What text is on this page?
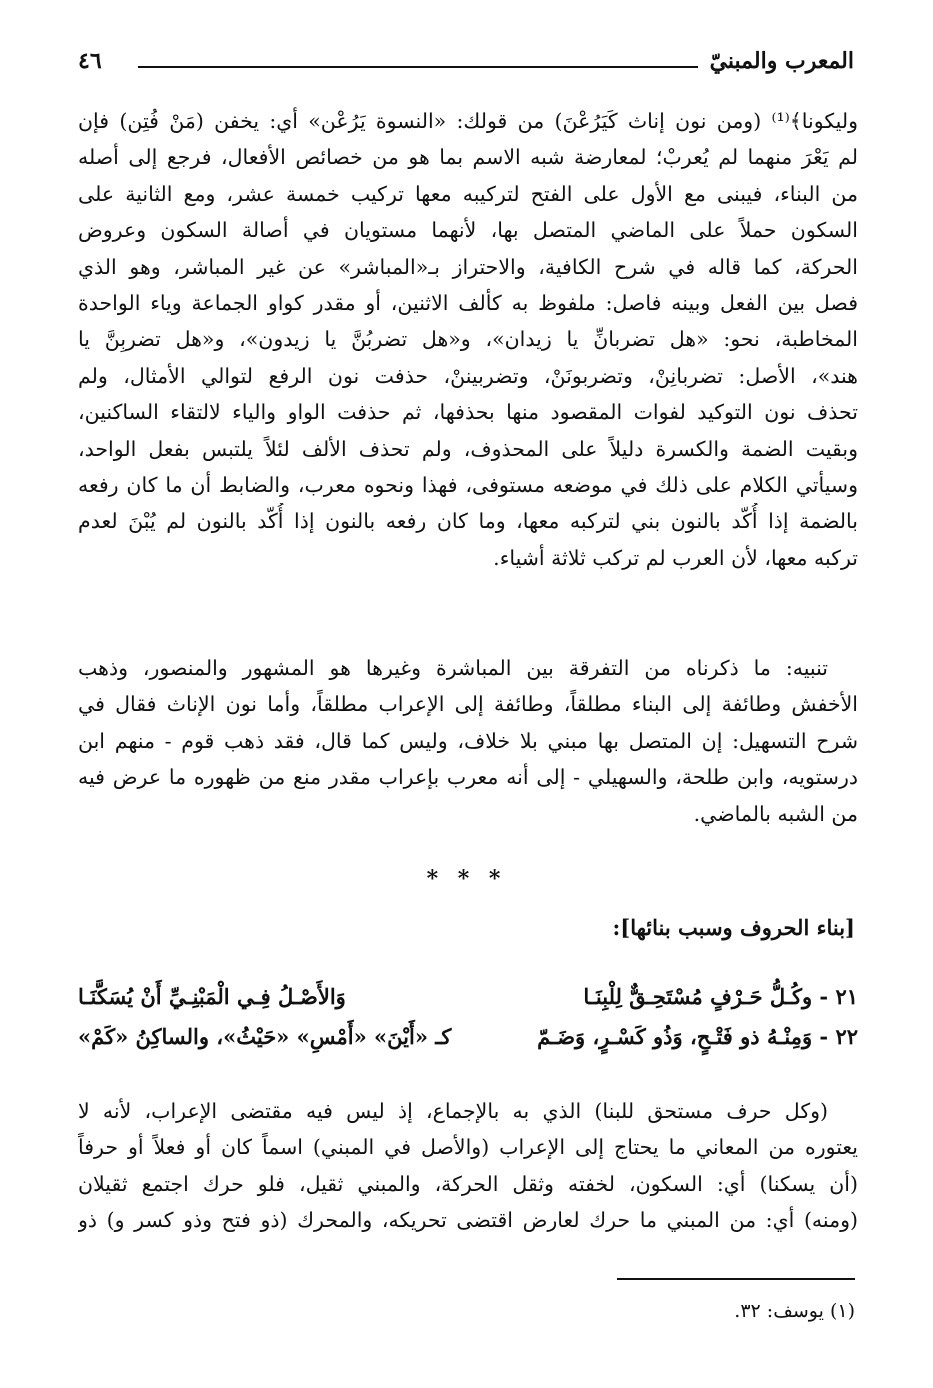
المعرب والمبنيّ
٤٦
وليكونا﴾⁽¹⁾ (ومن نون إناث كَيَرُعْنَ) من قولك: «النسوة يَرُعْن» أي: يخفن (مَنْ فُتِن) فإن
لم يَعْرَ منهما لم يُعربْ؛ لمعارضة شبه الاسم بما هو من خصائص الأفعال، فرجع إلى أصله
من البناء، فيبنى مع الأول على الفتح لتركيبه معها تركيب خمسة عشر، ومع الثانية على
السكون حملاً على الماضي المتصل بها، لأنهما مستويان في أصالة السكون وعروض
الحركة، كما قاله في شرح الكافية، والاحتراز بـ«المباشر» عن غير المباشر، وهو الذي
فصل بين الفعل وبينه فاصل: ملفوظ به كألف الاثنين، أو مقدر كواو الجماعة وياء الواحدة
المخاطبة، نحو: «هل تضربانِّ يا زيدان»، و«هل تضربُنَّ يا زيدون»، و«هل تضربِنَّ يا
هند»، الأصل: تضربانِنْ، وتضربونَنْ، وتضربيننْ، حذفت نون الرفع لتوالي الأمثال، ولم
تحذف نون التوكيد لفوات المقصود منها بحذفها، ثم حذفت الواو والياء لالتقاء الساكنين،
وبقيت الضمة والكسرة دليلاً على المحذوف، ولم تحذف الألف لئلاً يلتبس بفعل الواحد،
وسيأتي الكلام على ذلك في موضعه مستوفى، فهذا ونحوه معرب، والضابط أن ما كان رفعه
بالضمة إذا أُكّد بالنون بني لتركبه معها، وما كان رفعه بالنون إذا أُكّد بالنون لم يُبْنَ لعدم
تركبه معها، لأن العرب لم تركب ثلاثة أشياء.
تنبيه: ما ذكرناه من التفرقة بين المباشرة وغيرها هو المشهور والمنصور، وذهب
الأخفش وطائفة إلى البناء مطلقاً، وطائفة إلى الإعراب مطلقاً، وأما نون الإناث فقال في
شرح التسهيل: إن المتصل بها مبني بلا خلاف، وليس كما قال، فقد ذهب قوم - منهم ابن
درستويه، وابن طلحة، والسهيلي - إلى أنه معرب بإعراب مقدر منع من ظهوره ما عرض فيه
من الشبه بالماضي.
* * *
[بناء الحروف وسبب بنائها]:
٢١ - وكُـلُّ حَـرْفٍ مُسْتَحِـقٌّ لِلْبِنَـا
وَالأَصْـلُ فِـي الْمَبْنِـيِّ أَنْ يُسَكَّنَـا
٢٢ - وَمِنْـهُ ذو فَتْـحٍ، وَذُو كَسْـرٍ، وَضَـمّ
كـ «أَيْنَ» «أَمْسِ» «حَيْثُ»، والساكِنُ «كَمْ»
(وكل حرف مستحق للبنا) الذي به بالإجماع، إذ ليس فيه مقتضى الإعراب، لأنه لا
يعتوره من المعاني ما يحتاج إلى الإعراب (والأصل في المبني) اسماً كان أو فعلاً أو حرفاً
(أن يسكنا) أي: السكون، لخفته وثقل الحركة، والمبني ثقيل، فلو حرك اجتمع ثقيلان
(ومنه) أي: من المبني ما حرك لعارض اقتضى تحريكه، والمحرك (ذو فتح وذو كسر و) ذو
(١) يوسف: ٣٢.
